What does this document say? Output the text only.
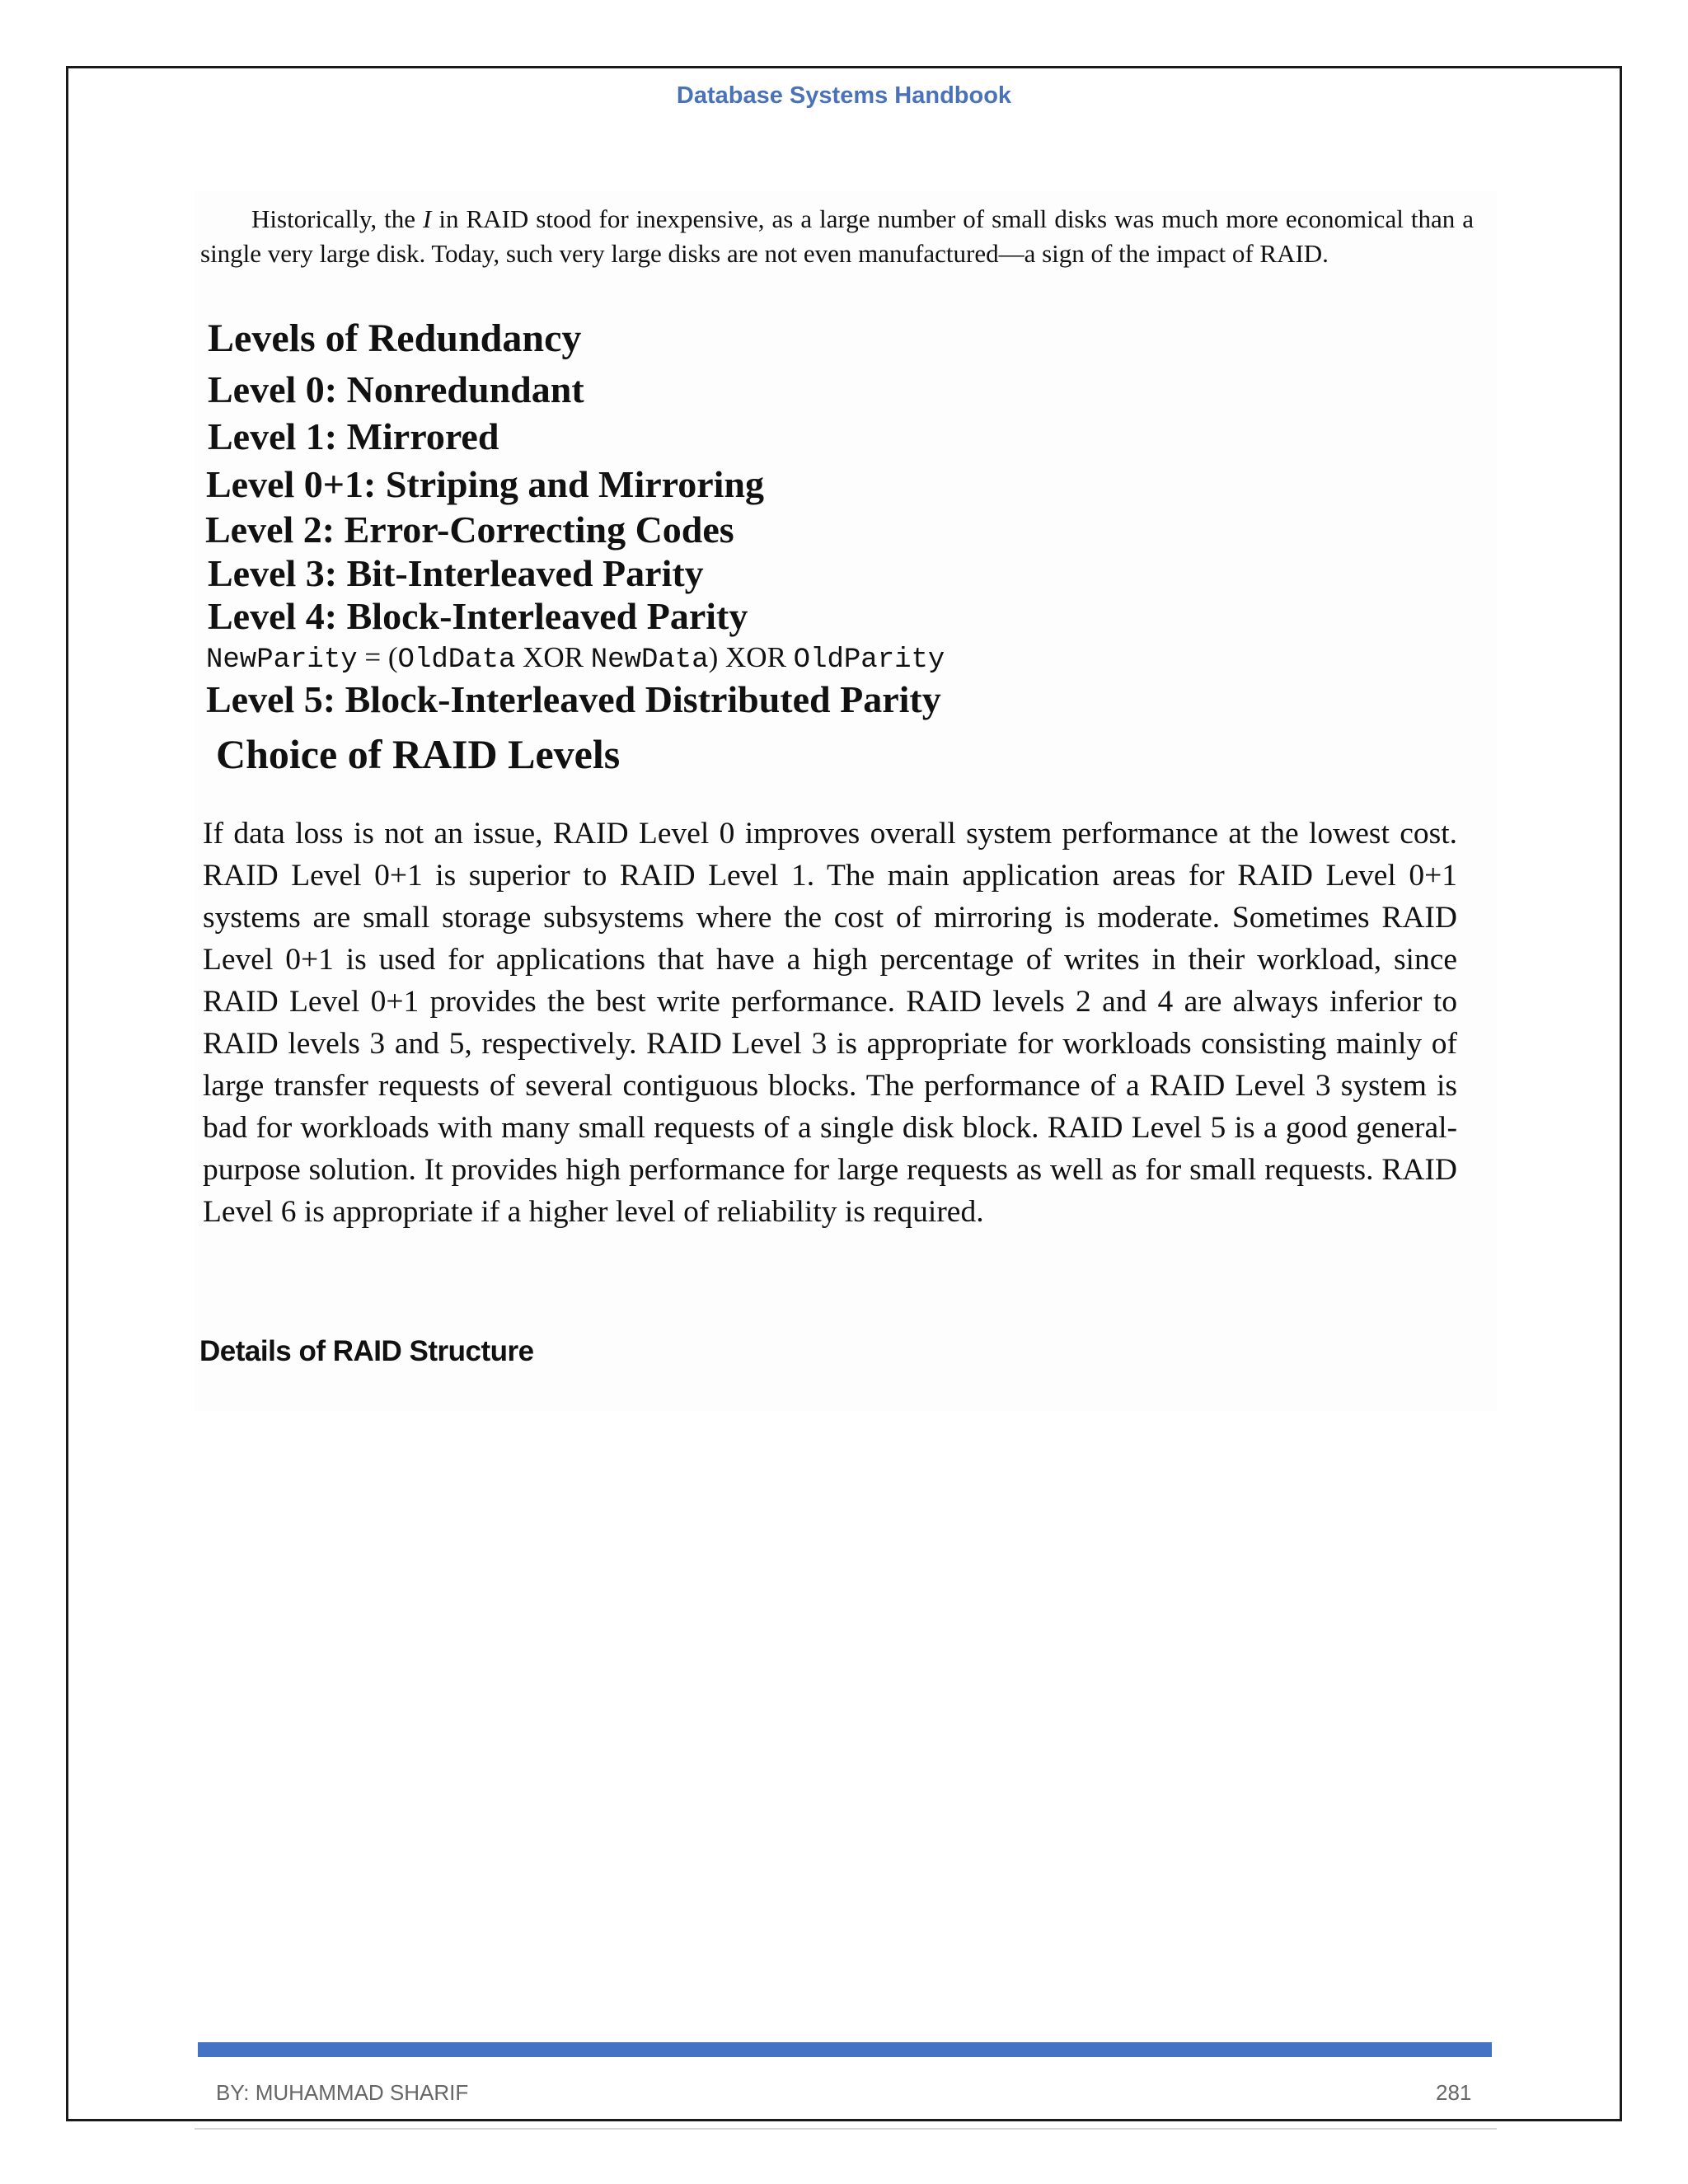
Database Systems Handbook
Historically, the I in RAID stood for inexpensive, as a large number of small disks was much more economical than a single very large disk. Today, such very large disks are not even manufactured—a sign of the impact of RAID.
Levels of Redundancy
Level 0: Nonredundant
Level 1: Mirrored
Level 0+1: Striping and Mirroring
Level 2: Error-Correcting Codes
Level 3: Bit-Interleaved Parity
Level 4: Block-Interleaved Parity
NewParity = (OldData XOR NewData) XOR OldParity
Level 5: Block-Interleaved Distributed Parity
Choice of RAID Levels
If data loss is not an issue, RAID Level 0 improves overall system performance at the lowest cost. RAID Level 0+1 is superior to RAID Level 1. The main application areas for RAID Level 0+1 systems are small storage subsystems where the cost of mirroring is moderate. Sometimes RAID Level 0+1 is used for applications that have a high percentage of writes in their workload, since RAID Level 0+1 provides the best write performance. RAID levels 2 and 4 are always inferior to RAID levels 3 and 5, respectively. RAID Level 3 is appropriate for workloads consisting mainly of large transfer requests of several contiguous blocks. The performance of a RAID Level 3 system is bad for workloads with many small requests of a single disk block. RAID Level 5 is a good general-purpose solution. It provides high performance for large requests as well as for small requests. RAID Level 6 is appropriate if a higher level of reliability is required.
Details of RAID Structure
BY: MUHAMMAD SHARIF	281
